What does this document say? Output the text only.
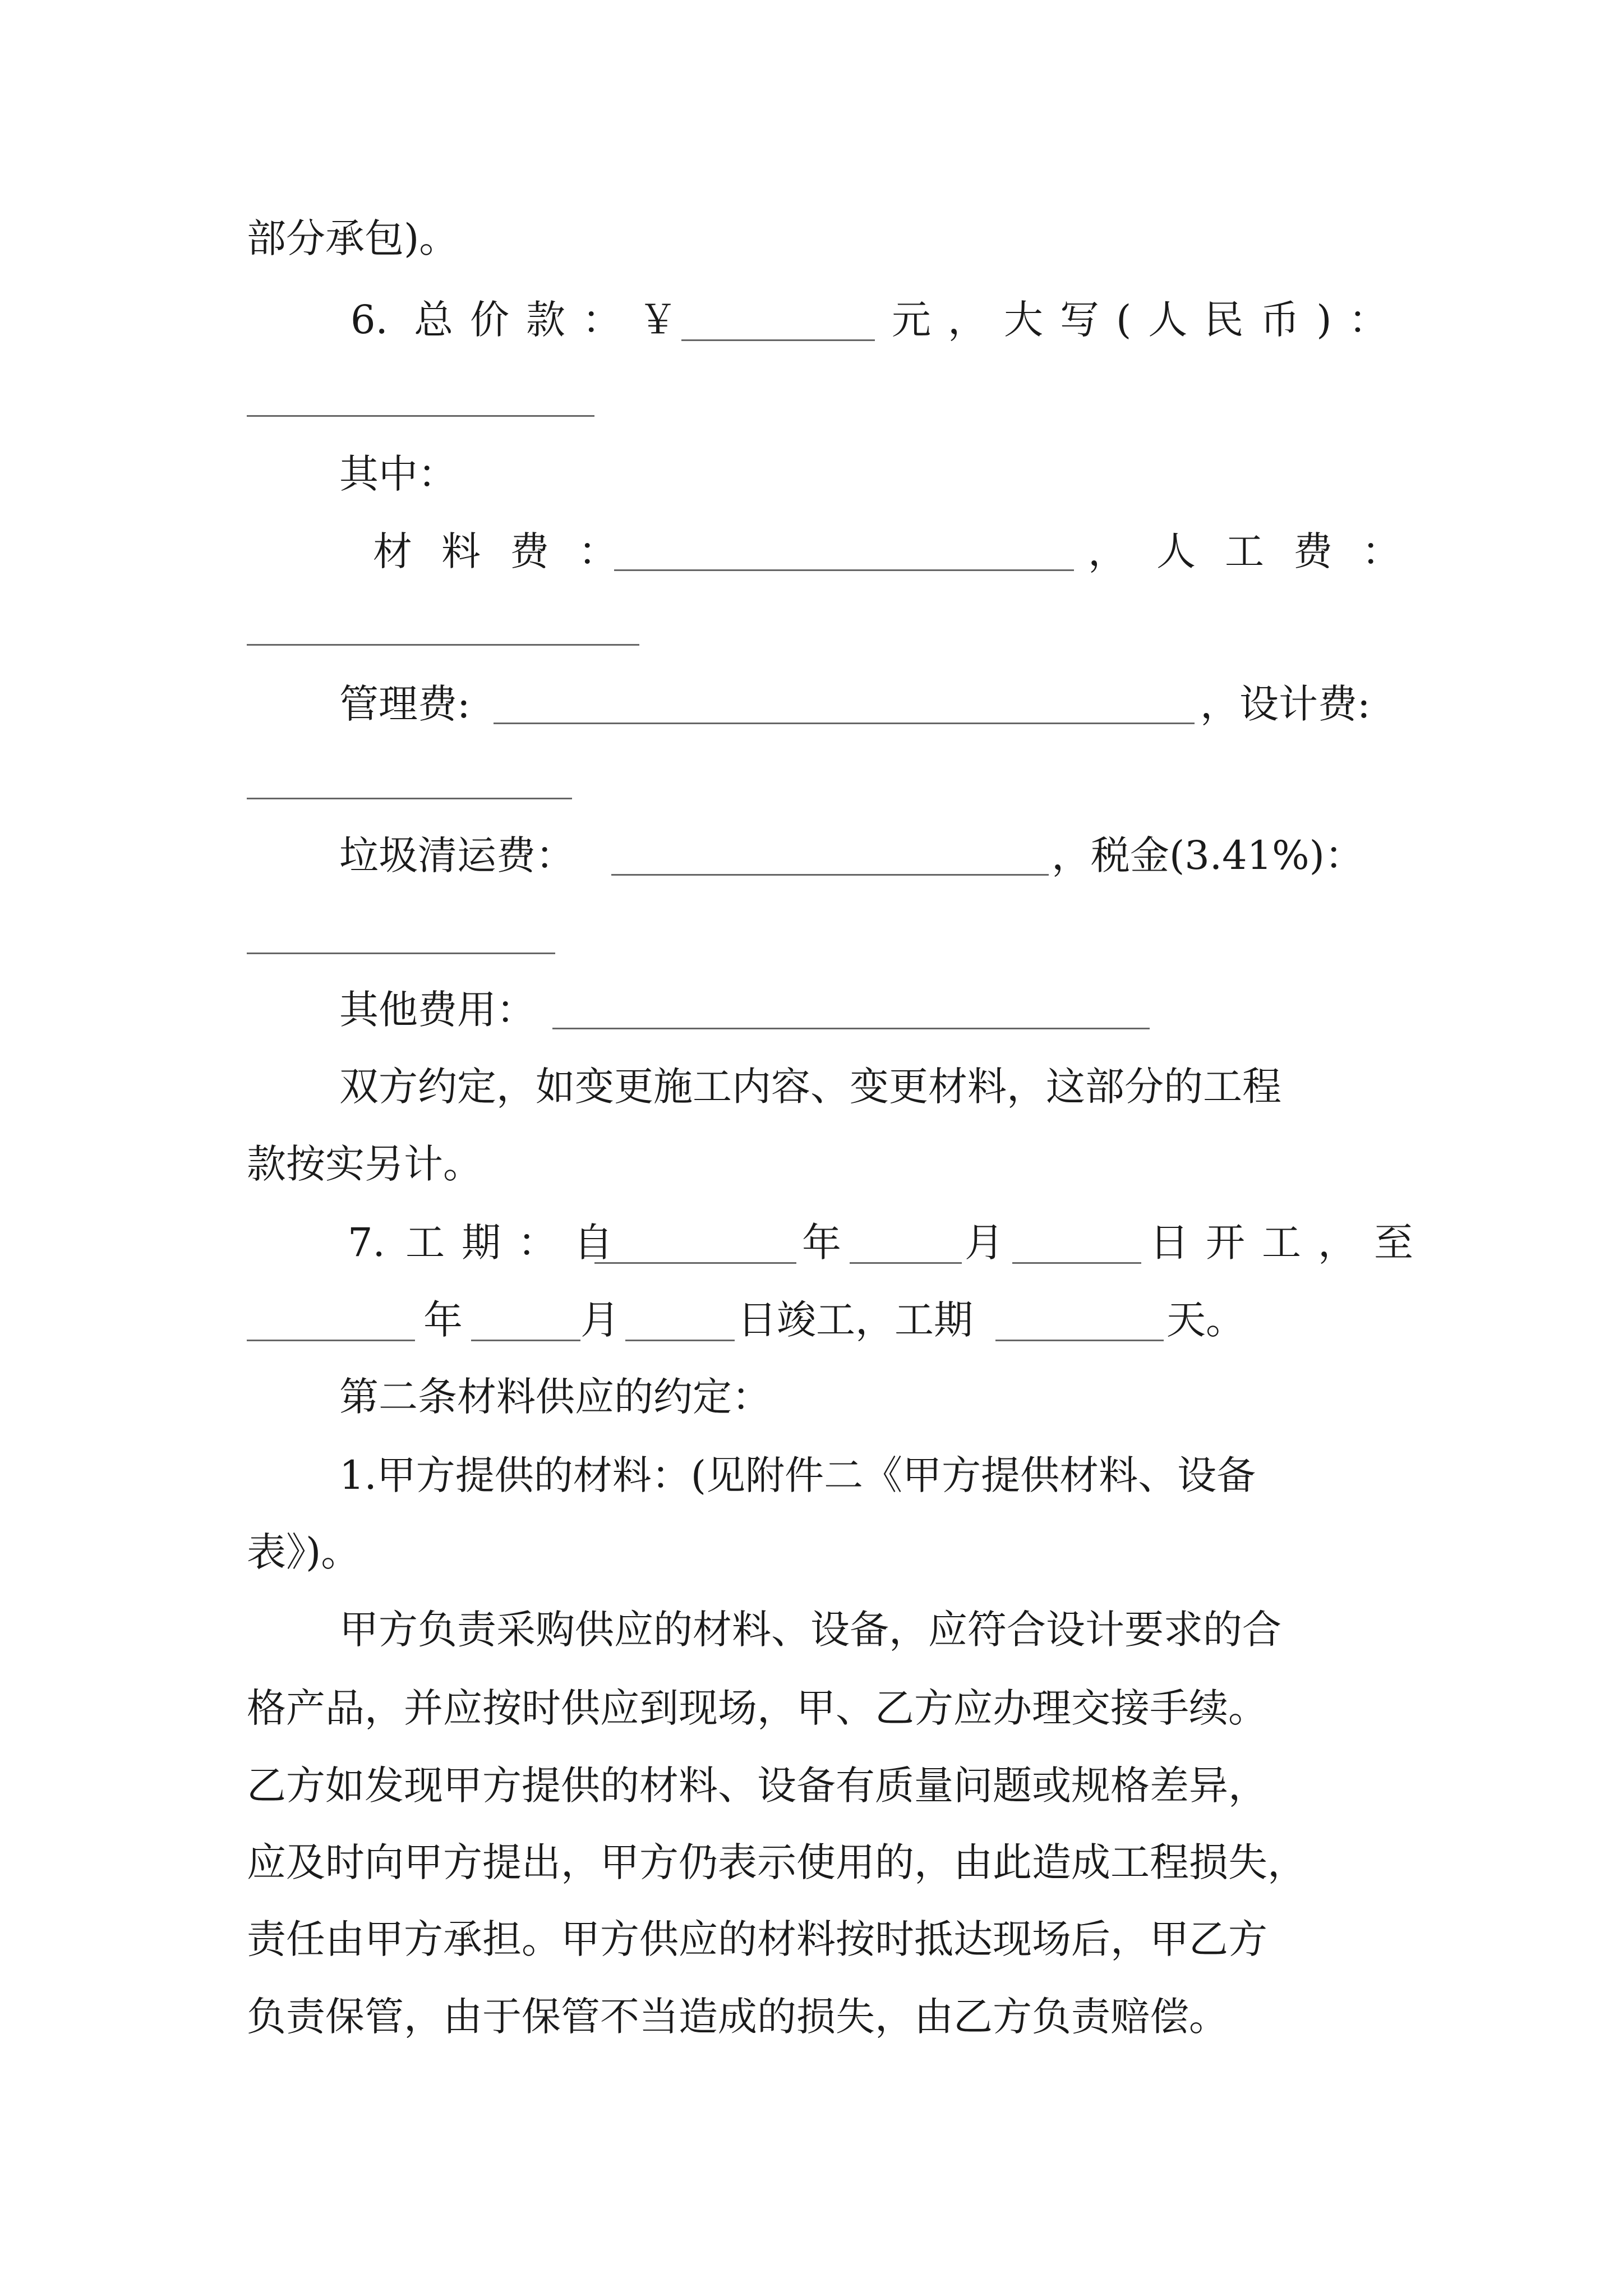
部分承包)。
6. 总价款：￥	元，大写(人民币)：
其中：
材料费：	，人工费：
管理费:	，设计费:
垃圾清运费：	，税金(3.41%)：
其他费用：
双方约定，如变更施工内容、变更材料，这部分的工程
款按实另计。
7. 工期：自	年	月	日开工，至
年	月	日竣工，工期	天。
第二条材料供应的约定：
1.甲方提供的材料：(见附件二《甲方提供材料、设备
表》)。
甲方负责采购供应的材料、设备，应符合设计要求的合
格产品，并应按时供应到现场，甲、乙方应办理交接手续。
乙方如发现甲方提供的材料、设备有质量问题或规格差异，
应及时向甲方提出，甲方仍表示使用的，由此造成工程损失，
责任由甲方承担。甲方供应的材料按时抵达现场后，甲乙方
负责保管，由于保管不当造成的损失，由乙方负责赔偿。
